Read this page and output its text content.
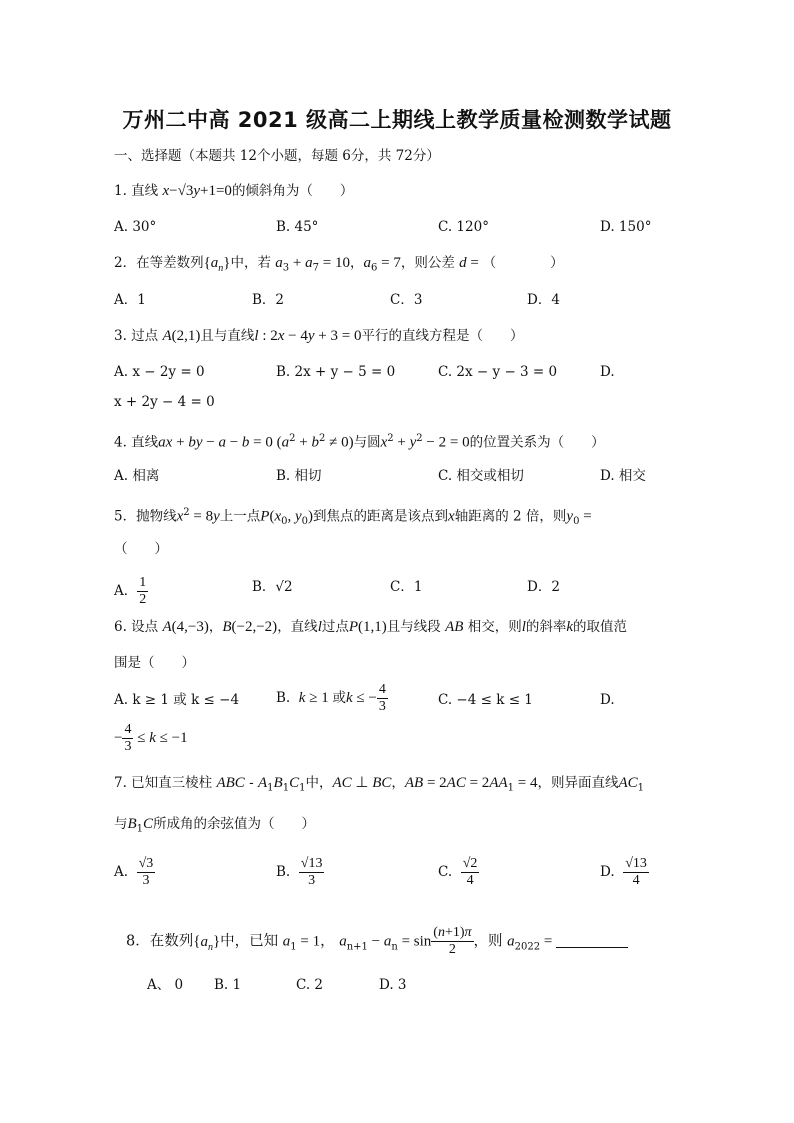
万州二中高 2021 级高二上期线上教学质量检测数学试题
一、选择题（本题共 12个小题，每题 6分，共 72分）
1. 直线 x−√3y+1=0的倾斜角为（　　）
A. 30°	B. 45°	C. 120°	D. 150°
2．在等差数列$\{a_n\}$中，若 $a_3 + a_7 = 10$，$a_6 = 7$，则公差 d = （　　　　）
A．1	B．2	C．3	D．4
3. 过点 A(2,1)且与直线l : 2x − 4y + 3 = 0平行的直线方程是（　　）
A. x − 2y = 0	B. 2x + y − 5 = 0	C. 2x − y − 3 = 0	D.
x + 2y − 4 = 0
4. 直线ax + by − a − b = 0 $(a^2 + b^2 \ne 0)$与圆$x^2 + y^2 - 2 = 0$的位置关系为（　　）
A. 相离	B. 相切	C. 相交或相切	D. 相交
5．抛物线$x^2 = 8y$上一点$P(x_0$, $y_0$)到焦点的距离是该点到x轴距离的 2 倍，则$y_0$ =
（　　）
A． $\frac{1}{2}$	B．√2	C．1	D．2
6. 设点 A(4,−3)，B(−2,−2)，直线l过点P(1,1)且与线段 AB 相交，则l的斜率k的取值范
围是（　　）
A. k ≥ 1 或 k ≤ −4	B.  k ≥ 1 或k ≤ − $\frac{4}{3}$	C. −4 ≤ k ≤ 1	D.
− $\frac{4}{3} \le k \le -1$
7. 已知直三棱柱 ABC - $A_1B_1C_1$中，AC ⊥ BC，AB = $2AC = 2AA_1 = 4$，则异面直线$AC_1$
与$B_1C$所成角的余弦值为（　　）
A. $\frac{√3}{3}$	B. $\frac{√13}{3}$	C. $\frac{√2}{4}$	D. $\frac{√13}{4}$
8．在数列$\{a_n\}$中，已知 $a_1 = 1$， $a_{n+1} - a_n = \sin \frac{(n+1)\pi}{2}$ ，则 $a_{2022}$ =
A、 0 B. 1	C. 2	D. 3
